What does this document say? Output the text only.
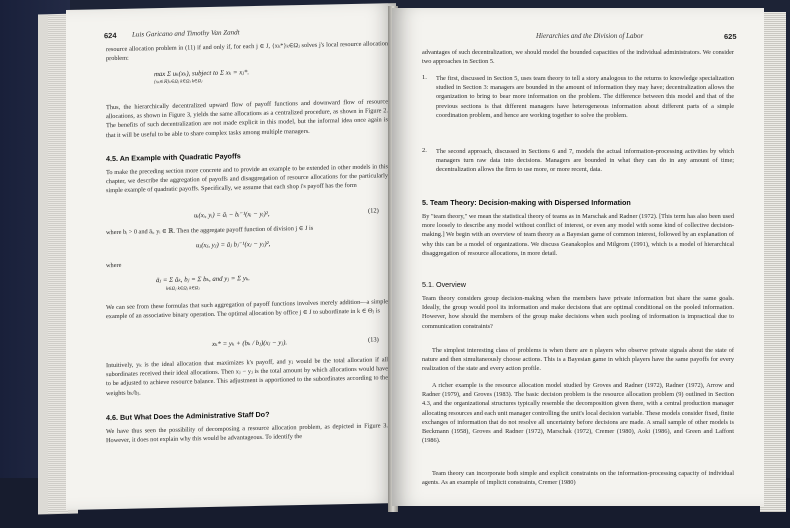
624 Luis Garicano and Timothy Van Zandt

resource allocation problem in (11) if and only if, for each j ∈ J, {xₖ*}ₖ∈Ωⱼ solves j's local resource allocation problem:

max Σ uₖ(xₖ), subject to Σ xₖ = xⱼ*.
{xₖ∈ℝ}ₖ∈Ωⱼ k∈Ωⱼ k∈Ωⱼ

Thus, the hierarchically decentralized upward flow of payoff functions and downward flow of resource allocations, as shown in Figure 3, yields the same allocations as a centralized procedure, as shown in Figure 2. The benefits of such decentralization are not made explicit in this model, but the informal idea once again is that it will be useful to be able to share complex tasks among multiple managers.

4.5. An Example with Quadratic Payoffs

To make the preceding section more concrete and to provide an example to be extended in other models in this chapter, we describe the aggregation of payoffs and disaggregation of resource allocations for the particularly simple example of quadratic payoffs. Specifically, we assume that each shop i's payoff has the form

uᵢ(xᵢ, yᵢ) = āᵢ − bᵢ⁻¹(xᵢ − yᵢ)²,	(12)

where bᵢ > 0 and āᵢ, yᵢ ∈ ℝ. Then the aggregate payoff function of division j ∈ J is

uⱼ(xⱼ, yⱼ) = āⱼ bⱼ⁻¹(xⱼ − yⱼ)²,

where

āⱼ = Σ āₖ, bⱼ = Σ bₖ, and yⱼ = Σ yₖ.
k∈Ωⱼ k∈Ωⱼ k∈Ωⱼ

We can see from these formulas that such aggregation of payoff functions involves merely addition—a simple example of an associative binary operation. The optimal allocation by office j ∈ J to subordinate in k ∈ Θⱼ is

xₖ* = yₖ + (bₖ / bⱼ)(xⱼ − yⱼ).	(13)

Intuitively, yₖ is the ideal allocation that maximizes k's payoff, and yⱼ would be the total allocation if all subordinates received their ideal allocations. Then xⱼ − yⱼ is the total amount by which allocations would have to be adjusted to achieve resource balance. This adjustment is apportioned to the subordinates according to the weights bₖ/bⱼ.

4.6. But What Does the Administrative Staff Do?

We have thus seen the possibility of decomposing a resource allocation problem, as depicted in Figure 3. However, it does not explain why this would be advantageous. To identify the

Hierarchies and the Division of Labor	625

advantages of such decentralization, we should model the bounded capacities of the individual administrators. We consider two approaches in Section 5.

1. The first, discussed in Section 5, uses team theory to tell a story analogous to the returns to knowledge specialization studied in Section 3: managers are bounded in the amount of information they may have; decentralization allows the organization to bring to bear more information on the problem. The difference between this model and that of the previous sections is that different managers have heterogeneous information about different parts of a simple coordination problem, and hence are working together to solve the problem.

2. The second approach, discussed in Sections 6 and 7, models the actual information-processing activities by which managers turn raw data into decisions. Managers are bounded in what they can do in any amount of time; decentralization allows the firm to use more, or more recent, data.

5. Team Theory: Decision-making with Dispersed Information

By "team theory," we mean the statistical theory of teams as in Marschak and Radner (1972). [This term has also been used more loosely to describe any model without conflict of interest, or even any model with some kind of collective decision-making.] We begin with an overview of team theory as a Bayesian game of common interest, followed by an explanation of why this can be a model of organizations. We discuss Geanakoplos and Milgrom (1991), which is a model of hierarchical disaggregation of resource allocations, in more detail.

5.1. Overview

Team theory considers group decision-making when the members have private information but share the same goals. Ideally, the group would pool its information and make decisions that are optimal conditional on the pooled information. However, how should the members of the group make decisions when such pooling of information is impractical due to communication constraints?

The simplest interesting class of problems is when there are n players who observe private signals about the state of nature and then simultaneously choose actions. This is a Bayesian game in which players have the same payoffs for every realization of the state and every action profile.

A richer example is the resource allocation model studied by Groves and Radner (1972), Radner (1972), Arrow and Radner (1979), and Groves (1983). The basic decision problem is the resource allocation problem (9) outlined in Section 4.3, and the organizational structures typically resemble the decomposition given there, with a central production manager allocating resources and each unit manager controlling the unit's local decision variable. These models consider fixed, finite exchanges of information that do not resolve all uncertainty before decisions are made. A small sample of other models is Beckmann (1958), Groves and Radner (1972), Marschak (1972), Cremer (1980), Aoki (1986), and Green and Laffont (1986).

Team theory can incorporate both simple and explicit constraints on the information-processing capacity of individual agents. As an example of implicit constraints, Cremer (1980)
